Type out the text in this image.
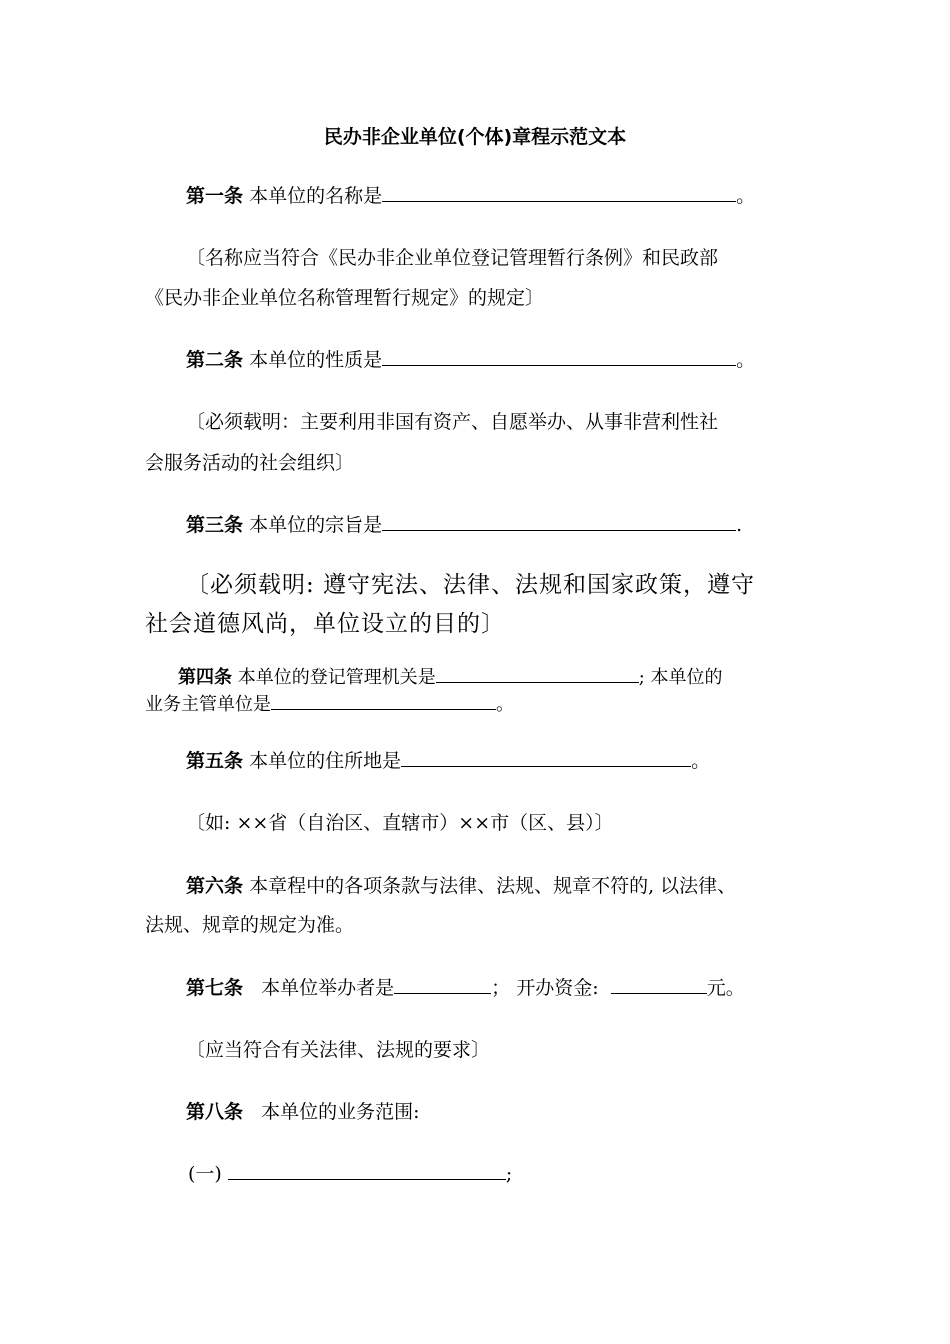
民办非企业单位(个体)章程示范文本
第一条 本单位的名称是	。
〔名称应当符合《民办非企业单位登记管理暂行条例》和民政部
《民办非企业单位名称管理暂行规定》的规定〕
第二条 本单位的性质是	。
〔必须载明：主要利用非国有资产、自愿举办、从事非营利性社
会服务活动的社会组织〕
第三条 本单位的宗旨是	.
〔必须载明: 遵守宪法、法律、法规和国家政策，遵守
社会道德风尚，单位设立的目的〕
第四条 本单位的登记管理机关是	; 本单位的
业务主管单位是	。
第五条 本单位的住所地是	。
〔如: ××省（自治区、直辖市）××市（区、县）〕
第六条 本章程中的各项条款与法律、法规、规章不符的, 以法律、
法规、规章的规定为准。
第七条 本单位举办者是	； 开办资金:	元。
〔应当符合有关法律、法规的要求〕
第八条 本单位的业务范围:
(一)	;
